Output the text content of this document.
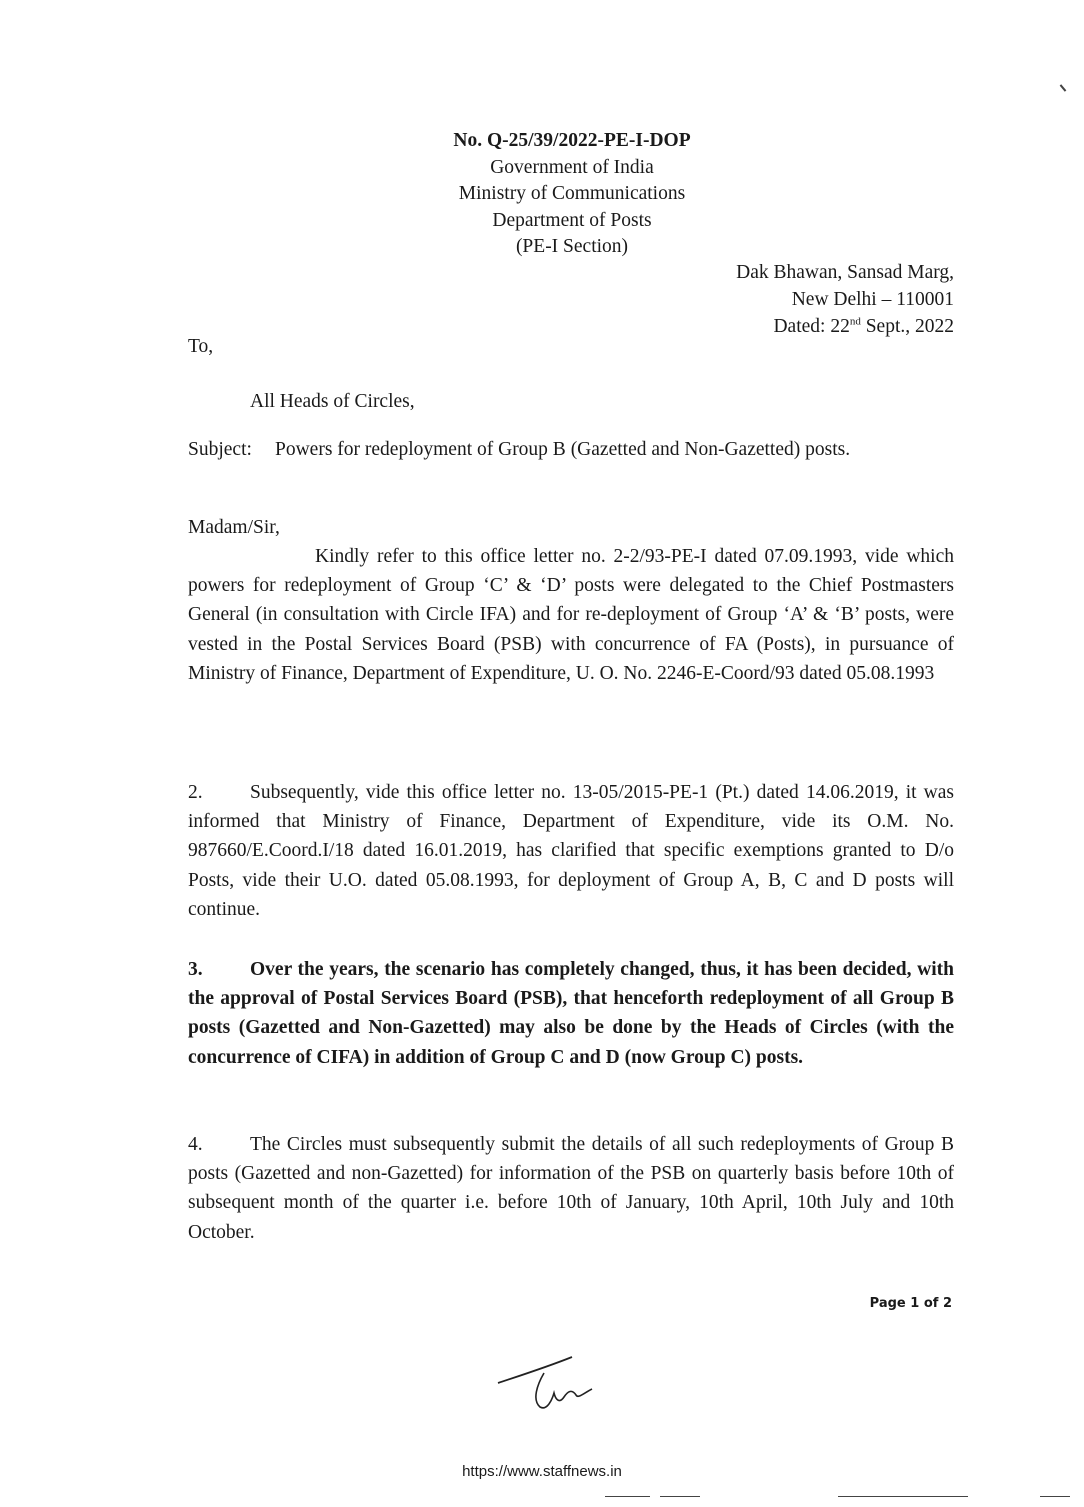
No. Q-25/39/2022-PE-I-DOP
Government of India
Ministry of Communications
Department of Posts
(PE-I Section)
Dak Bhawan, Sansad Marg,
New Delhi – 110001
Dated: 22nd Sept., 2022
To,
All Heads of Circles,
Subject: Powers for redeployment of Group B (Gazetted and Non-Gazetted) posts.
Madam/Sir,
Kindly refer to this office letter no. 2-2/93-PE-I dated 07.09.1993, vide which powers for redeployment of Group ‘C’ & ‘D’ posts were delegated to the Chief Postmasters General (in consultation with Circle IFA) and for re-deployment of Group ‘A’ & ‘B’ posts, were vested in the Postal Services Board (PSB) with concurrence of FA (Posts), in pursuance of Ministry of Finance, Department of Expenditure, U. O. No. 2246-E-Coord/93 dated 05.08.1993
2. Subsequently, vide this office letter no. 13-05/2015-PE-1 (Pt.) dated 14.06.2019, it was informed that Ministry of Finance, Department of Expenditure, vide its O.M. No. 987660/E.Coord.I/18 dated 16.01.2019, has clarified that specific exemptions granted to D/o Posts, vide their U.O. dated 05.08.1993, for deployment of Group A, B, C and D posts will continue.
3. Over the years, the scenario has completely changed, thus, it has been decided, with the approval of Postal Services Board (PSB), that henceforth redeployment of all Group B posts (Gazetted and Non-Gazetted) may also be done by the Heads of Circles (with the concurrence of CIFA) in addition of Group C and D (now Group C) posts.
4. The Circles must subsequently submit the details of all such redeployments of Group B posts (Gazetted and non-Gazetted) for information of the PSB on quarterly basis before 10th of subsequent month of the quarter i.e. before 10th of January, 10th April, 10th July and 10th October.
Page 1 of 2
https://www.staffnews.in
